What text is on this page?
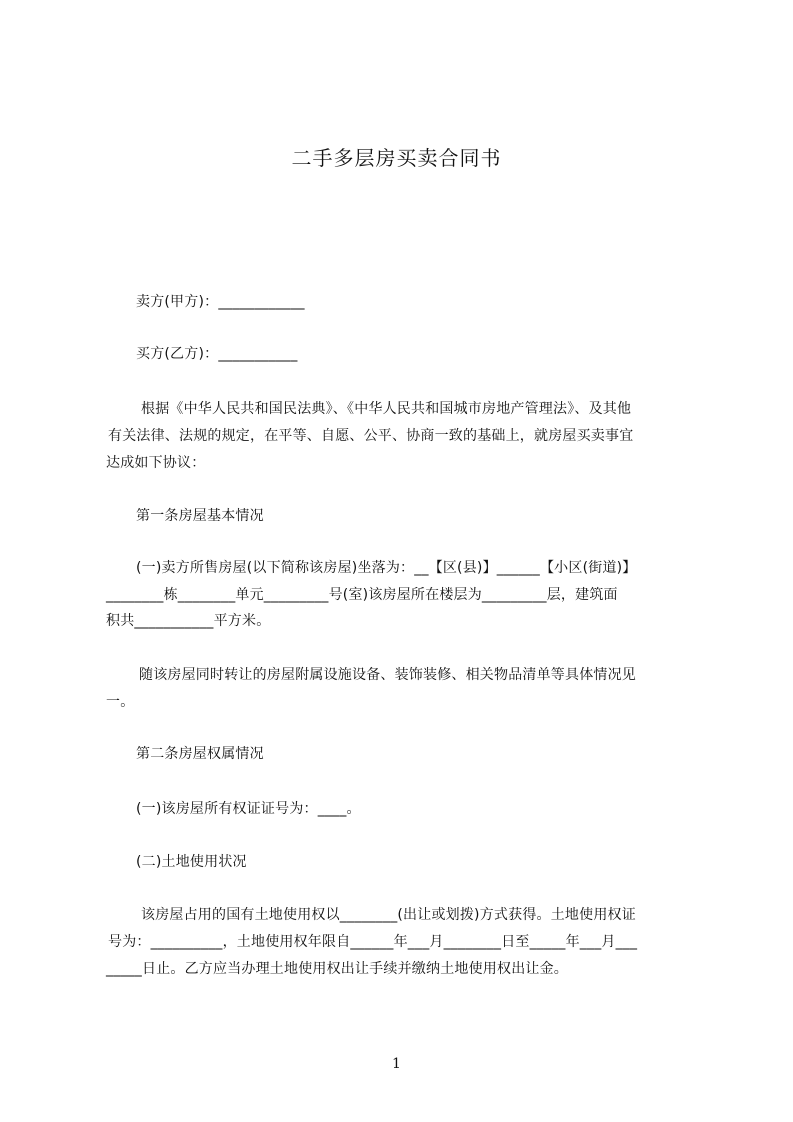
二手多层房买卖合同书
卖方(甲方)：____________
买方(乙方)：___________
根据《中华人民共和国民法典》、《中华人民共和国城市房地产管理法》、及其他
有关法律、法规的规定，在平等、自愿、公平、协商一致的基础上，就房屋买卖事宜
达成如下协议：
第一条房屋基本情况
(一)卖方所售房屋(以下简称该房屋)坐落为：__【区(县)】______【小区(街道)】
________栋________单元_________号(室)该房屋所在楼层为_________层，建筑面
积共___________平方米。
随该房屋同时转让的房屋附属设施设备、装饰装修、相关物品清单等具体情况见
一。
第二条房屋权属情况
(一)该房屋所有权证证号为：____。
(二)土地使用状况
该房屋占用的国有土地使用权以________(出让或划拨)方式获得。土地使用权证
号为：__________，土地使用权年限自______年___月________日至_____年___月___
_____日止。乙方应当办理土地使用权出让手续并缴纳土地使用权出让金。
1
